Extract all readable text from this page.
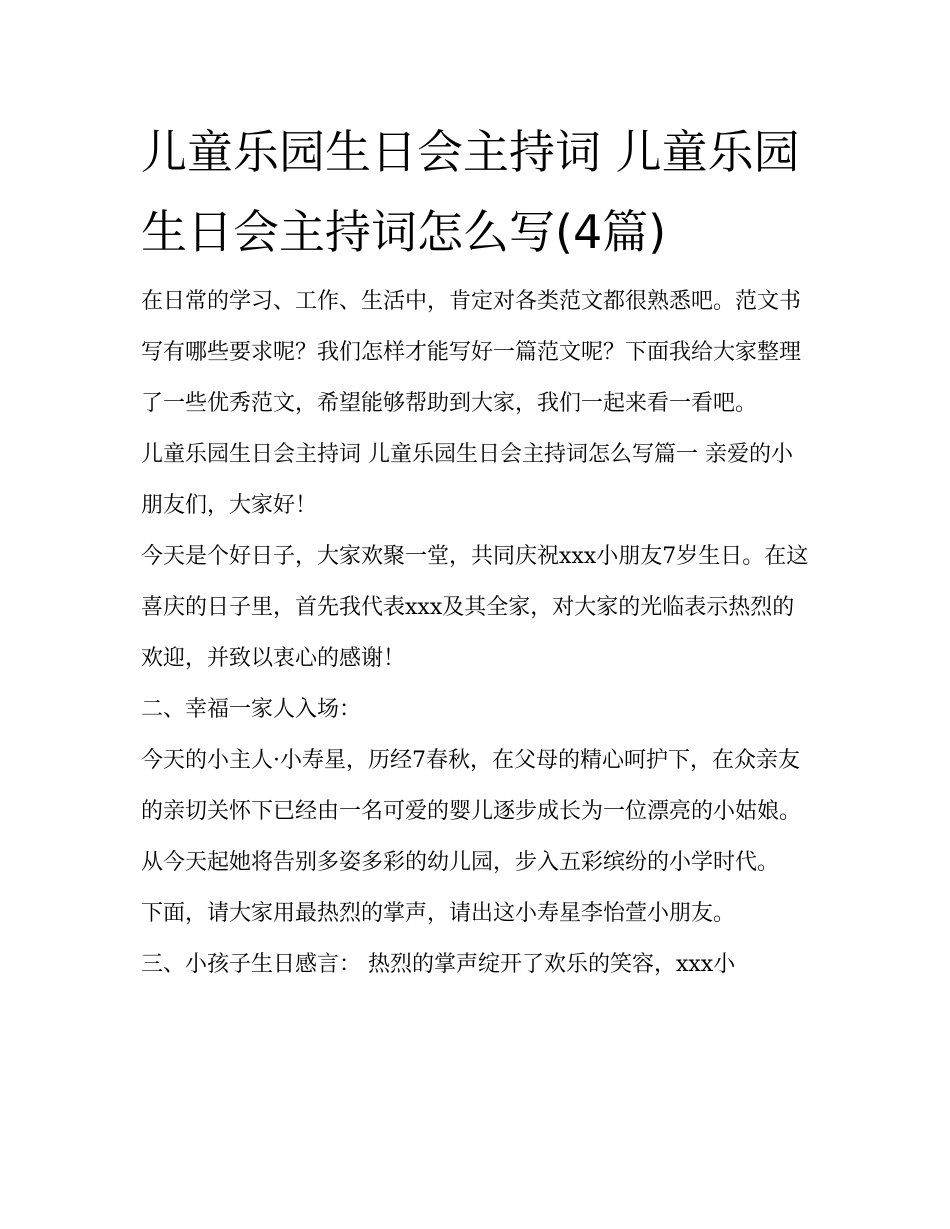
儿童乐园生日会主持词 儿童乐园生日会主持词怎么写(4篇)

在日常的学习、工作、生活中，肯定对各类范文都很熟悉吧。范文书写有哪些要求呢？我们怎样才能写好一篇范文呢？下面我给大家整理了一些优秀范文，希望能够帮助到大家，我们一起来看一看吧。

儿童乐园生日会主持词 儿童乐园生日会主持词怎么写篇一 亲爱的小朋友们，大家好！

今天是个好日子，大家欢聚一堂，共同庆祝xxx小朋友7岁生日。在这喜庆的日子里，首先我代表xxx及其全家，对大家的光临表示热烈的欢迎，并致以衷心的感谢！

二、幸福一家人入场：

今天的小主人·小寿星，历经7春秋，在父母的精心呵护下，在众亲友的亲切关怀下已经由一名可爱的婴儿逐步成长为一位漂亮的小姑娘。从今天起她将告别多姿多彩的幼儿园，步入五彩缤纷的小学时代。

下面，请大家用最热烈的掌声，请出这小寿星李怡萱小朋友。

三、小孩子生日感言： 热烈的掌声绽开了欢乐的笑容，xxx小
